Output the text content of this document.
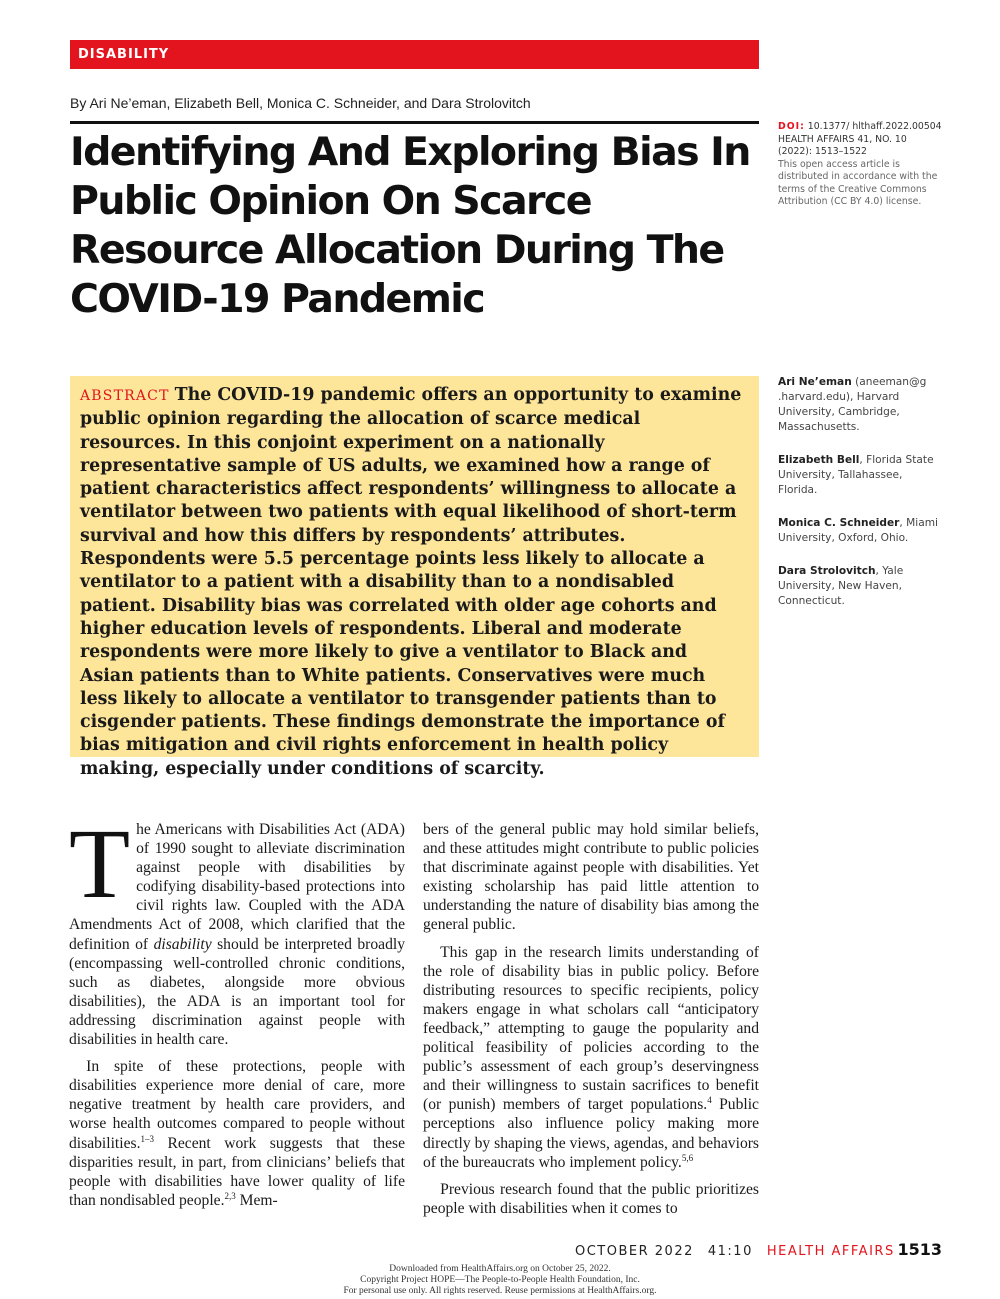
DISABILITY
By Ari Ne’eman, Elizabeth Bell, Monica C. Schneider, and Dara Strolovitch
Identifying And Exploring Bias In Public Opinion On Scarce Resource Allocation During The COVID-19 Pandemic
DOI: 10.1377/ hlthaff.2022.00504
HEALTH AFFAIRS 41, NO. 10 (2022): 1513–1522
This open access article is distributed in accordance with the terms of the Creative Commons Attribution (CC BY 4.0) license.
ABSTRACT The COVID-19 pandemic offers an opportunity to examine public opinion regarding the allocation of scarce medical resources. In this conjoint experiment on a nationally representative sample of US adults, we examined how a range of patient characteristics affect respondents’ willingness to allocate a ventilator between two patients with equal likelihood of short-term survival and how this differs by respondents’ attributes. Respondents were 5.5 percentage points less likely to allocate a ventilator to a patient with a disability than to a nondisabled patient. Disability bias was correlated with older age cohorts and higher education levels of respondents. Liberal and moderate respondents were more likely to give a ventilator to Black and Asian patients than to White patients. Conservatives were much less likely to allocate a ventilator to transgender patients than to cisgender patients. These findings demonstrate the importance of bias mitigation and civil rights enforcement in health policy making, especially under conditions of scarcity.

Ari Ne’eman (aneeman@g .harvard.edu), Harvard University, Cambridge, Massachusetts.

Elizabeth Bell, Florida State University, Tallahassee, Florida.

Monica C. Schneider, Miami University, Oxford, Ohio.

Dara Strolovitch, Yale University, New Haven, Connecticut.

The Americans with Disabilities Act (ADA) of 1990 sought to alleviate discrimination against people with disabilities by codifying disability-based protections into civil rights law. Coupled with the ADA Amendments Act of 2008, which clarified that the definition of disability should be interpreted broadly (encompassing well-controlled chronic conditions, such as diabetes, alongside more obvious disabilities), the ADA is an important tool for addressing discrimination against people with disabilities in health care.

In spite of these protections, people with disabilities experience more denial of care, more negative treatment by health care providers, and worse health outcomes compared to people without disabilities.$^{1-3}$ Recent work suggests that these disparities result, in part, from clinicians’ beliefs that people with disabilities have lower quality of life than nondisabled people.$^{2,3}$ Mem-

bers of the general public may hold similar beliefs, and these attitudes might contribute to public policies that discriminate against people with disabilities. Yet existing scholarship has paid little attention to understanding the nature of disability bias among the general public.

This gap in the research limits understanding of the role of disability bias in public policy. Before distributing resources to specific recipients, policy makers engage in what scholars call “anticipatory feedback,” attempting to gauge the popularity and political feasibility of policies according to the public’s assessment of each group’s deservingness and their willingness to sustain sacrifices to benefit (or punish) members of target populations.$^4$ Public perceptions also influence policy making more directly by shaping the views, agendas, and behaviors of the bureaucrats who implement policy.$^{5,6}$

Previous research found that the public prioritizes people with disabilities when it comes to

OCTOBER 2022 41:10 HEALTH AFFAIRS 1513
Downloaded from HealthAffairs.org on October 25, 2022.
Copyright Project HOPE—The People-to-People Health Foundation, Inc.
For personal use only. All rights reserved. Reuse permissions at HealthAffairs.org.
